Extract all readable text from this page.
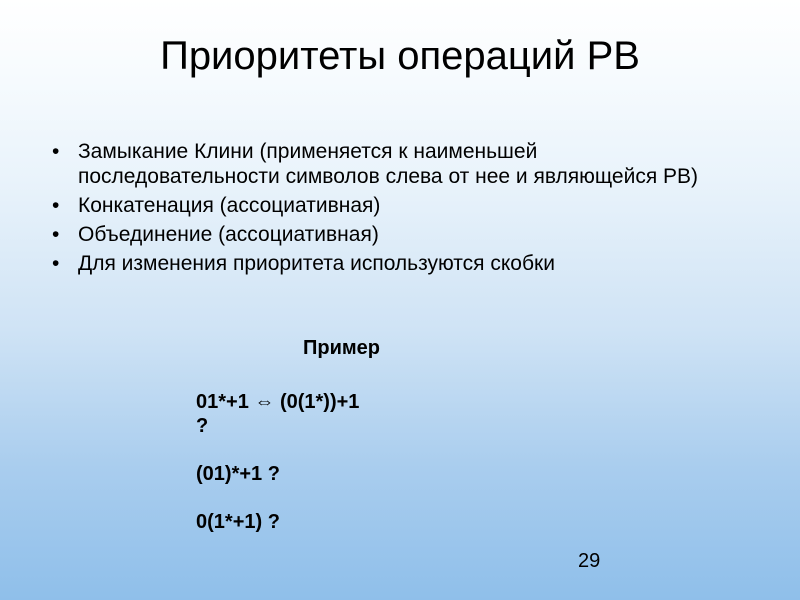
Приоритеты операций РВ
• Замыкание Клини (применяется к наименьшей последовательности символов слева от нее и являющейся РВ)
• Конкатенация (ассоциативная)
• Объединение (ассоциативная)
• Для изменения приоритета используются скобки
Пример
01*+1 ⇔ (0(1*))+1
?
(01)*+1 ?
0(1*+1) ?
29
